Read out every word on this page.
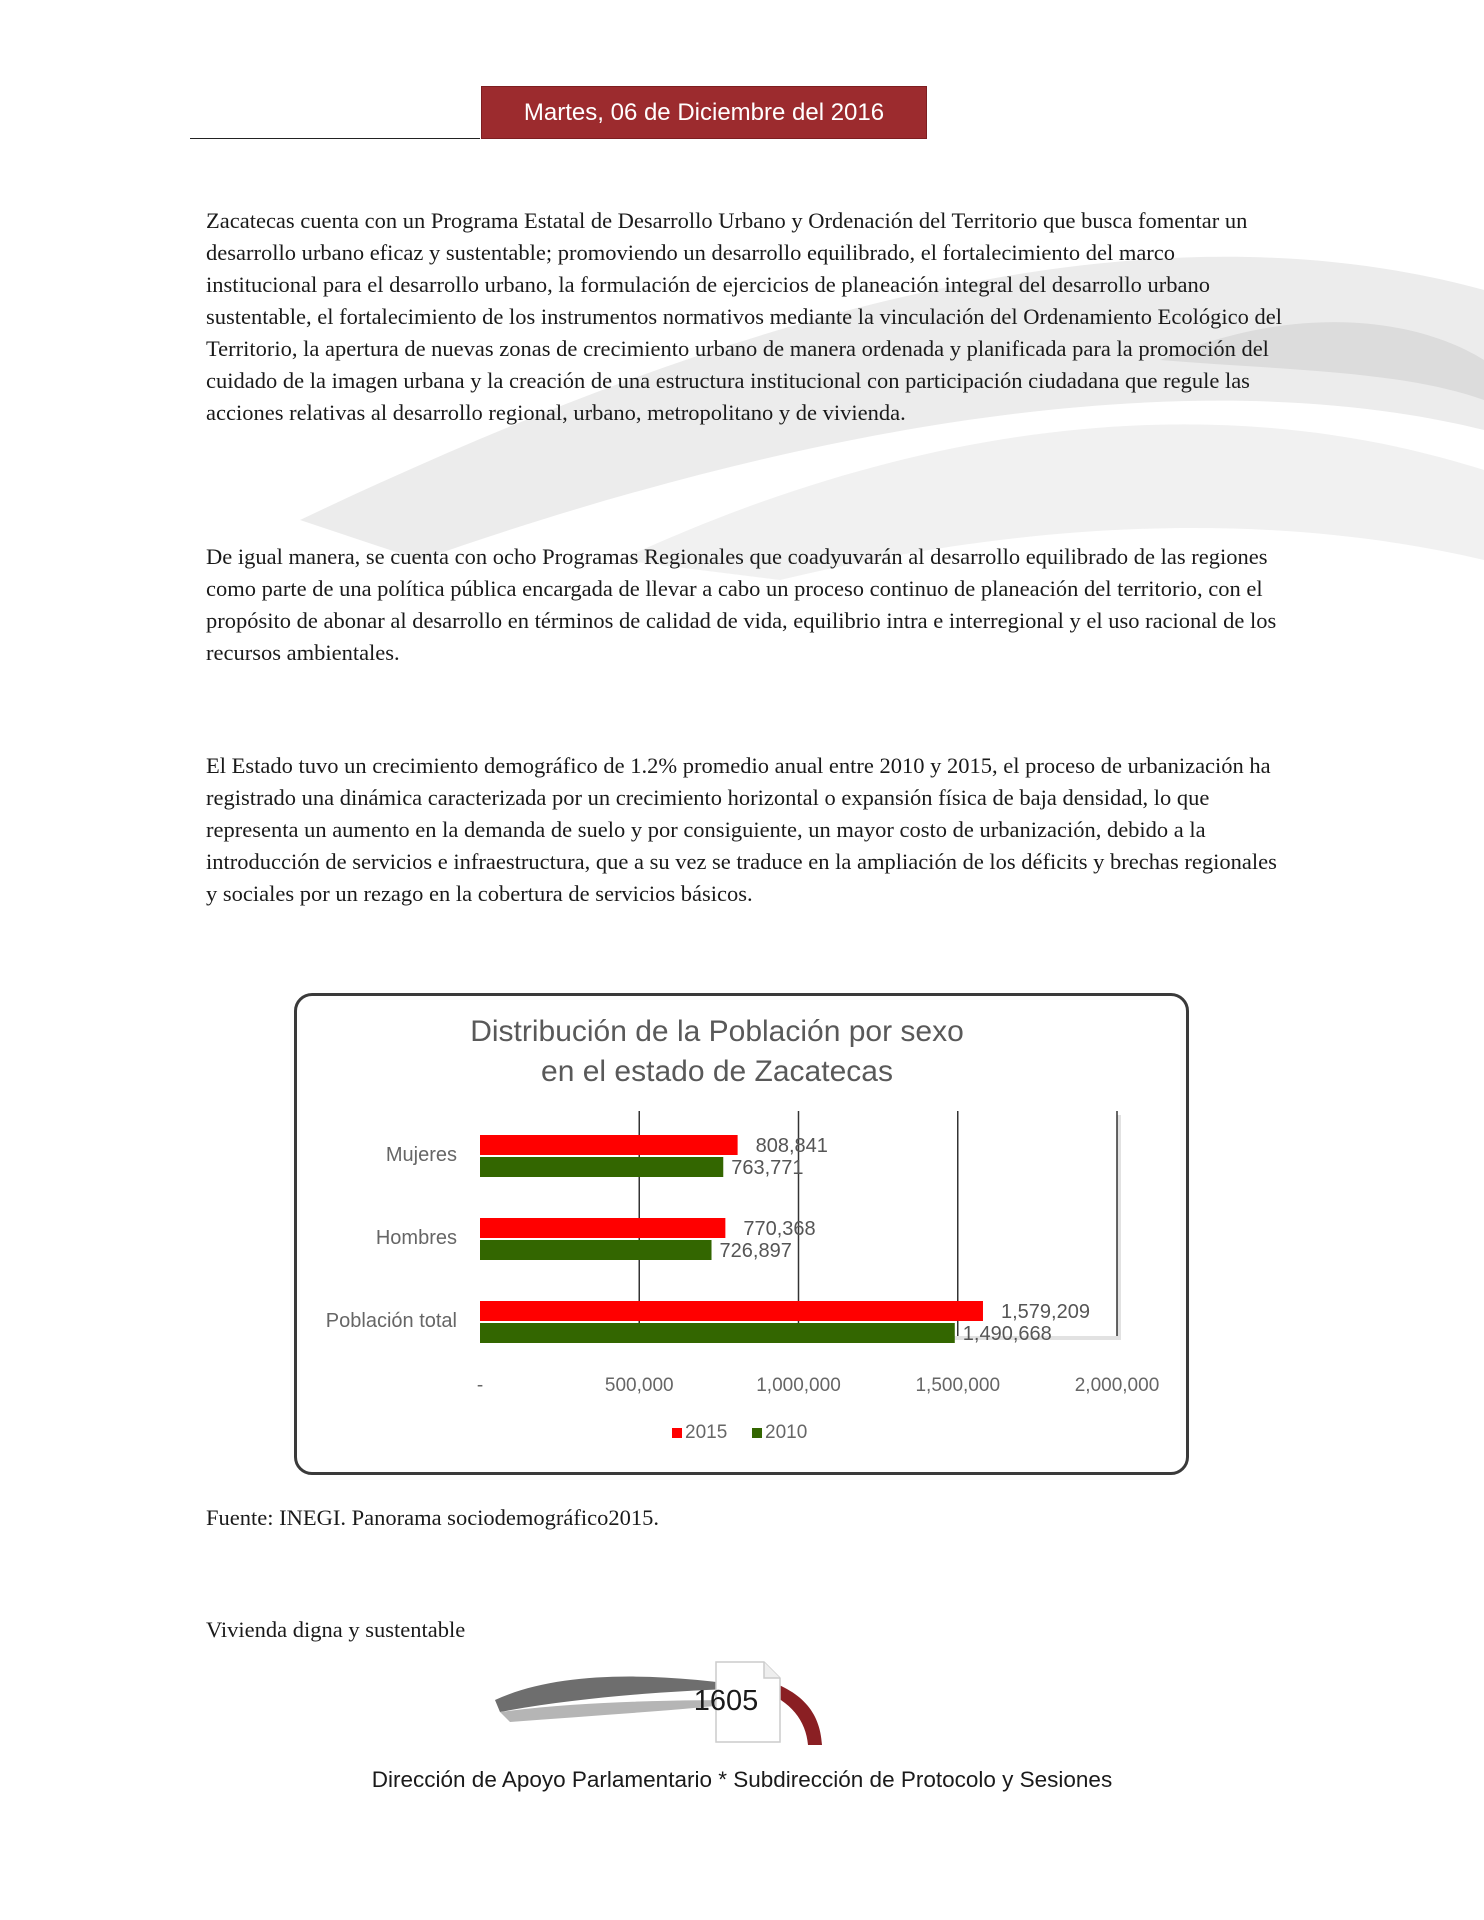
Martes, 06 de Diciembre del 2016

Zacatecas cuenta con un Programa Estatal de Desarrollo Urbano y Ordenación del Territorio que busca fomentar un desarrollo urbano eficaz y sustentable; promoviendo un desarrollo equilibrado, el fortalecimiento del marco institucional para el desarrollo urbano, la formulación de ejercicios de planeación integral del desarrollo urbano sustentable, el fortalecimiento de los instrumentos normativos mediante la vinculación del Ordenamiento Ecológico del Territorio, la apertura de nuevas zonas de crecimiento urbano de manera ordenada y planificada para la promoción del cuidado de la imagen urbana y la creación de una estructura institucional con participación ciudadana que regule las acciones relativas al desarrollo regional, urbano, metropolitano y de vivienda.

De igual manera, se cuenta con ocho Programas Regionales que coadyuvarán al desarrollo equilibrado de las regiones como parte de una política pública encargada de llevar a cabo un proceso continuo de planeación del territorio, con el propósito de abonar al desarrollo en términos de calidad de vida, equilibrio intra e interregional y el uso racional de los recursos ambientales.

El Estado tuvo un crecimiento demográfico de 1.2% promedio anual entre 2010 y 2015, el proceso de urbanización ha registrado una dinámica caracterizada por un crecimiento horizontal o expansión física de baja densidad, lo que representa un aumento en la demanda de suelo y por consiguiente, un mayor costo de urbanización, debido a la introducción de servicios e infraestructura, que a su vez se traduce en la ampliación de los déficits y brechas regionales y sociales por un rezago en la cobertura de servicios básicos.

Distribución de la Población por sexo
en el estado de Zacatecas
-	500,000	1,000,000	1,500,000	2,000,000
Mujeres	808,841
763,771
Hombres	770,368
726,897
Población total	1,579,209
1,490,668
2015 2010
Fuente: INEGI. Panorama sociodemográfico2015.
Vivienda digna y sustentable
1605
Dirección de Apoyo Parlamentario * Subdirección de Protocolo y Sesiones
